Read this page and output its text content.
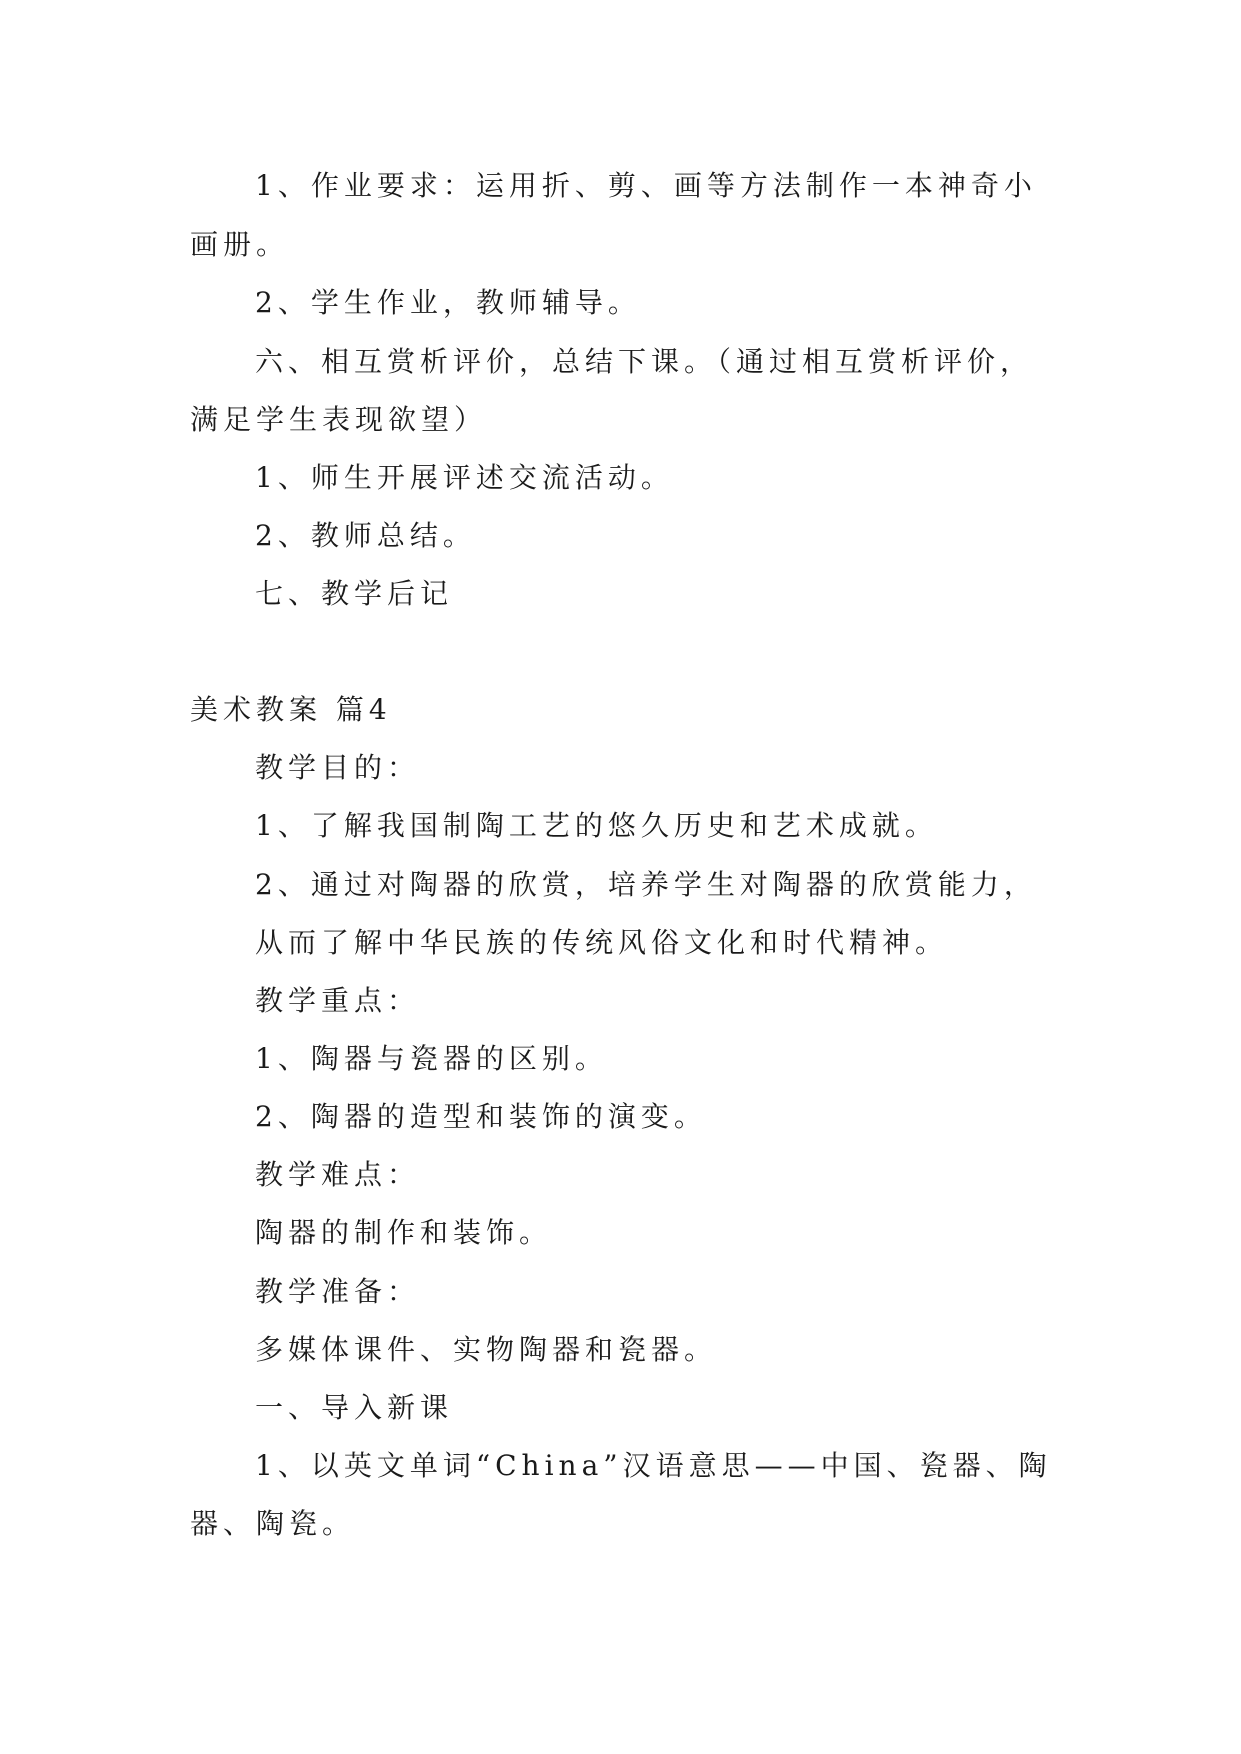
1、作业要求：运用折、剪、画等方法制作一本神奇小
画册。
2、学生作业，教师辅导。
六、相互赏析评价，总结下课。（通过相互赏析评价，
满足学生表现欲望）
1、师生开展评述交流活动。
2、教师总结。
七、教学后记
美术教案 篇4
教学目的：
1、了解我国制陶工艺的悠久历史和艺术成就。
2、通过对陶器的欣赏，培养学生对陶器的欣赏能力，
从而了解中华民族的传统风俗文化和时代精神。
教学重点：
1、陶器与瓷器的区别。
2、陶器的造型和装饰的演变。
教学难点：
陶器的制作和装饰。
教学准备：
多媒体课件、实物陶器和瓷器。
一、导入新课
1、以英文单词“China”汉语意思——中国、瓷器、陶
器、陶瓷。
